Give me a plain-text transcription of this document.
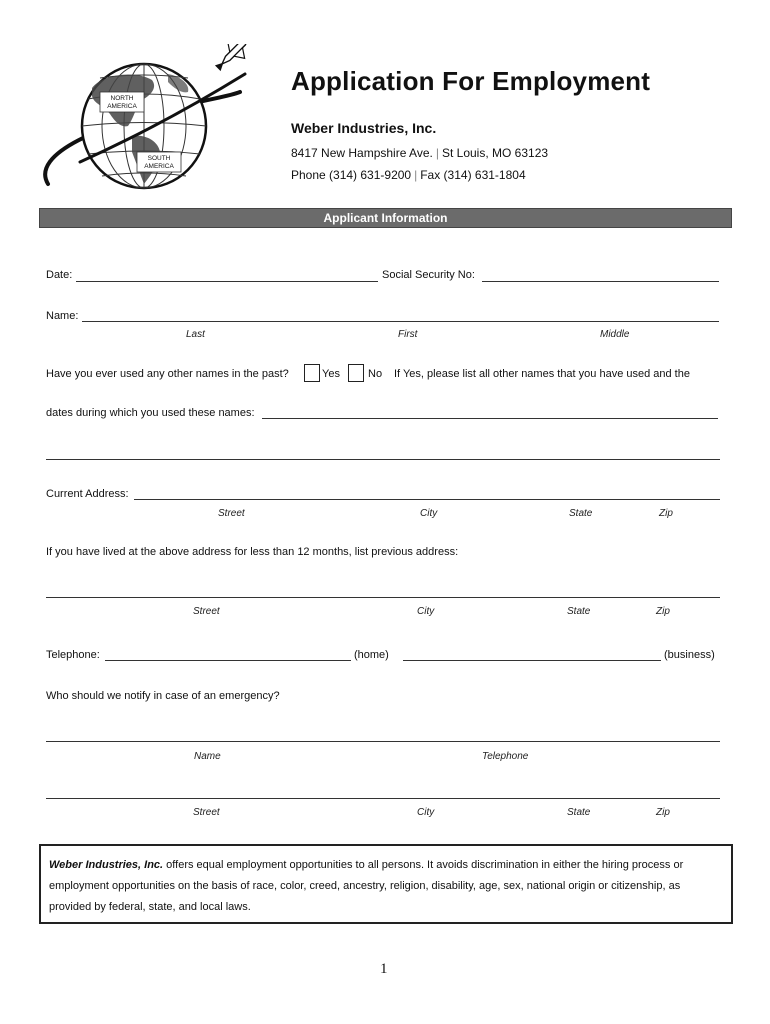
NORTH
AMERICA
SOUTH
AMERICA
Application For Employment
Weber Industries, Inc.
8417 New Hampshire Ave. | St Louis, MO 63123
Phone (314) 631-9200 | Fax (314) 631-1804
Applicant Information
Date:	Social Security No:
Name:
Last	First	Middle
Have you ever used any other names in the past?	Yes	No If Yes, please list all other names that you have used and the
dates during which you used these names:
Current Address:
Street	City	State	Zip
If you have lived at the above address for less than 12 months, list previous address:
Street	City	State	Zip
Telephone:	(home)	(business)
Who should we notify in case of an emergency?
Name	Telephone
Street	City	State	Zip
Weber Industries, Inc. offers equal employment opportunities to all persons. It avoids discrimination in either the hiring process or employment opportunities on the basis of race, color, creed, ancestry, religion, disability, age, sex, national origin or citizenship, as provided by federal, state, and local laws.
1
